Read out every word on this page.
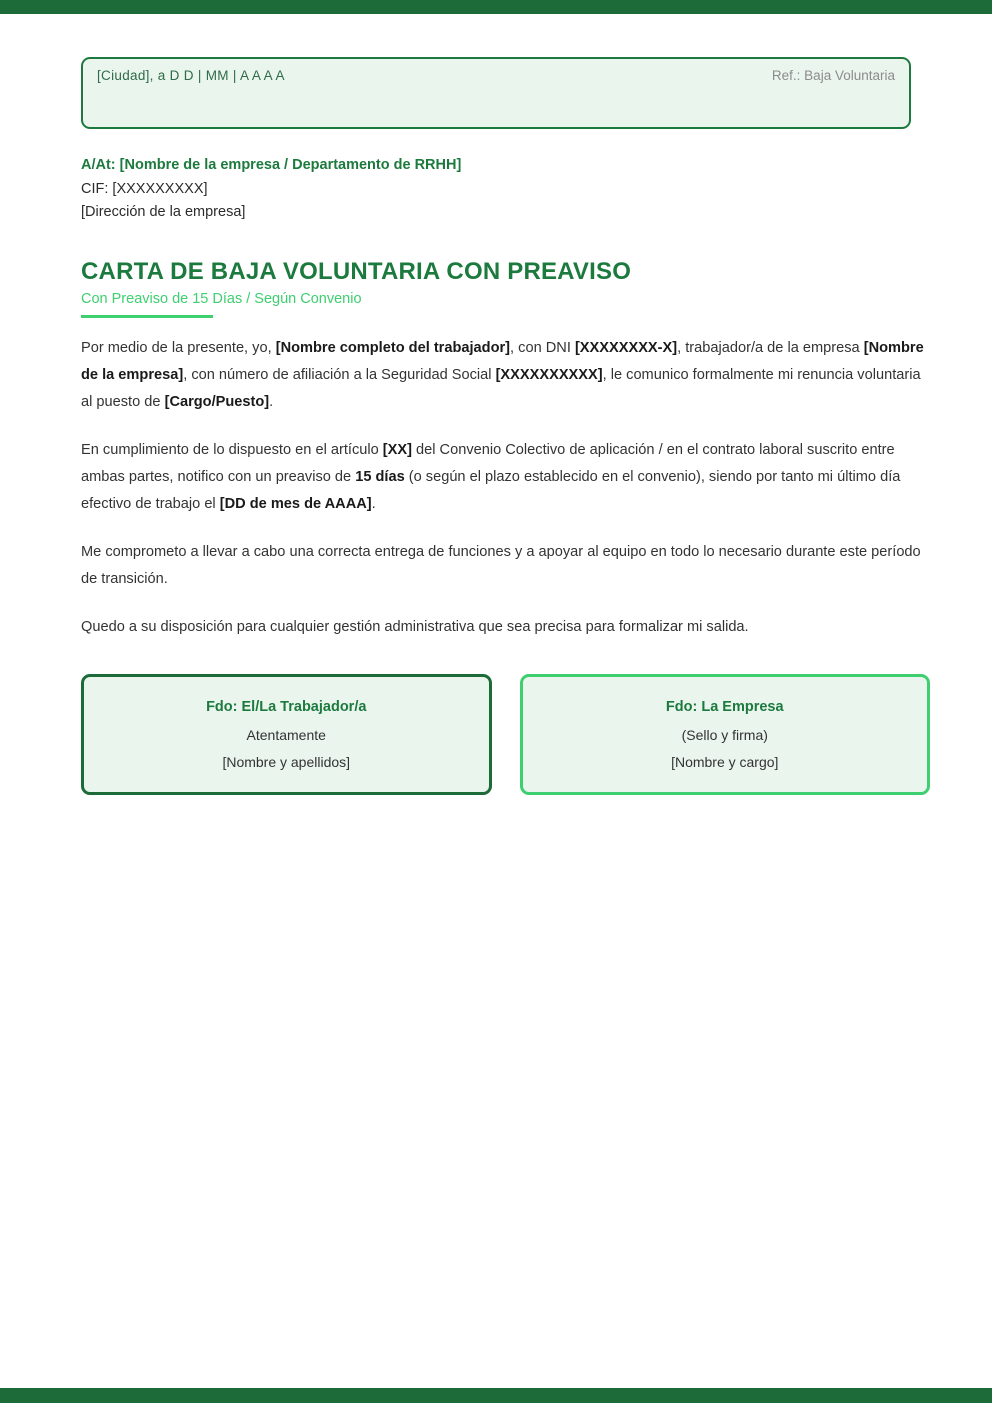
[Ciudad], a D D | MM | A A A A	Ref.: Baja Voluntaria
A/At: [Nombre de la empresa / Departamento de RRHH]
CIF: [XXXXXXXXX]
[Dirección de la empresa]
CARTA DE BAJA VOLUNTARIA CON PREAVISO
Con Preaviso de 15 Días / Según Convenio

Por medio de la presente, yo, [Nombre completo del trabajador], con DNI [XXXXXXXX-X], trabajador/a de la empresa [Nombre de la empresa], con número de afiliación a la Seguridad Social [XXXXXXXXXX], le comunico formalmente mi renuncia voluntaria al puesto de [Cargo/Puesto].

En cumplimiento de lo dispuesto en el artículo [XX] del Convenio Colectivo de aplicación / en el contrato laboral suscrito entre ambas partes, notifico con un preaviso de 15 días (o según el plazo establecido en el convenio), siendo por tanto mi último día efectivo de trabajo el [DD de mes de AAAA].

Me comprometo a llevar a cabo una correcta entrega de funciones y a apoyar al equipo en todo lo necesario durante este período de transición.

Quedo a su disposición para cualquier gestión administrativa que sea precisa para formalizar mi salida.

Fdo: El/La Trabajador/a
Atentamente
[Nombre y apellidos]
Fdo: La Empresa
(Sello y firma)
[Nombre y cargo]
